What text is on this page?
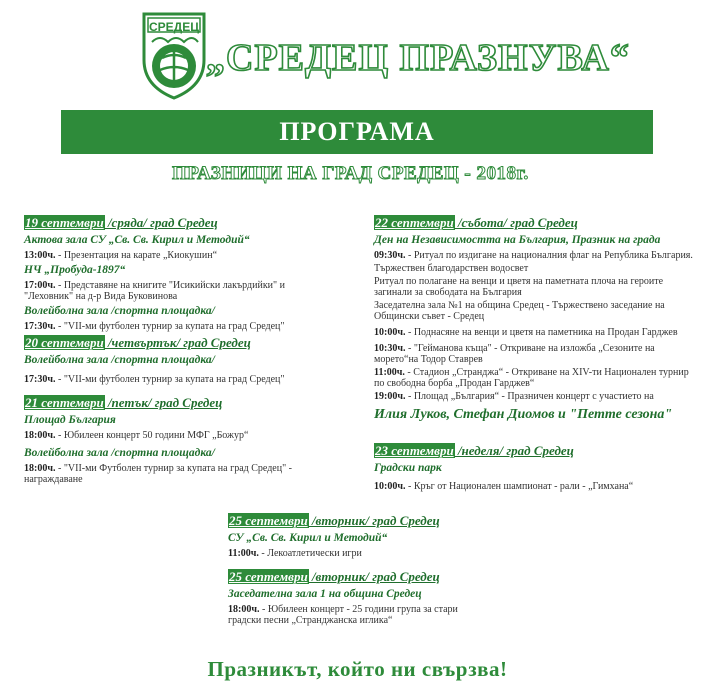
СРЕДЕЦ
„СРЕДЕЦ ПРАЗНУВА“
ПРОГРАМА
ПРАЗНИЦИ НА ГРАД СРЕДЕЦ - 2018г.
19 септември /сряда/ град Средец
Актова зала СУ „Св. Св. Кирил и Методий“
13:00ч. - Презентация на карате „Киокушин“
НЧ „Пробуда-1897“
17:00ч. - Представяне на книгите "Исикийски лакърдийки" и "Леховник" на д-р Вида Буковинова
Волейболна зала /спортна площадка/
17:30ч. - "VII-ми футболен турнир за купата на град Средец"
20 септември /четвъртък/ град Средец
Волейболна зала /спортна площадка/
17:30ч. - "VII-ми футболен турнир за купата на град Средец"
21 септември /петък/ град Средец
Площад България
18:00ч. - Юбилеен концерт 50 години МФГ „Божур“
Волейболна зала /спортна площадка/
18:00ч. - "VII-ми Футболен турнир за купата на град Средец" - награждаване
22 септември /събота/ град Средец
Ден на Независимостта на България, Празник на града
09:30ч. - Ритуал по издигане на националния флаг на Република България.
Тържествен благодарствен водосвет
Ритуал по полагане на венци и цветя на паметната плоча на героите загинали за свободата на България
Заседателна зала №1 на община Средец - Тържествено заседание на Общински съвет - Средец
10:00ч. - Поднасяне на венци и цветя на паметника на Продан Гарджев
10:30ч. - "Геймановa къща" - Откриване на изложба „Сезоните на морето“на Тодор Ставрев
11:00ч. - Стадион „Странджа“ - Откриване на XIV-ти Национален турнир по свободна борба „Продан Гарджев“
19:00ч. - Площад „България“ - Празничен концерт с участието на
Илия Луков, Стефан Диомов и "Петте сезона"
23 септември /неделя/ град Средец
Градски парк
10:00ч. - Кръг от Национален шампионат - рали - „Гимхана“
25 септември /вторник/ град Средец
СУ „Св. Св. Кирил и Методий“
11:00ч. - Лекоатлетически игри
25 септември /вторник/ град Средец
Заседателна зала 1 на община Средец
18:00ч. - Юбилеен концерт - 25 години група за стари градски песни „Странджанска иглика“
Празникът, който ни свързва!
